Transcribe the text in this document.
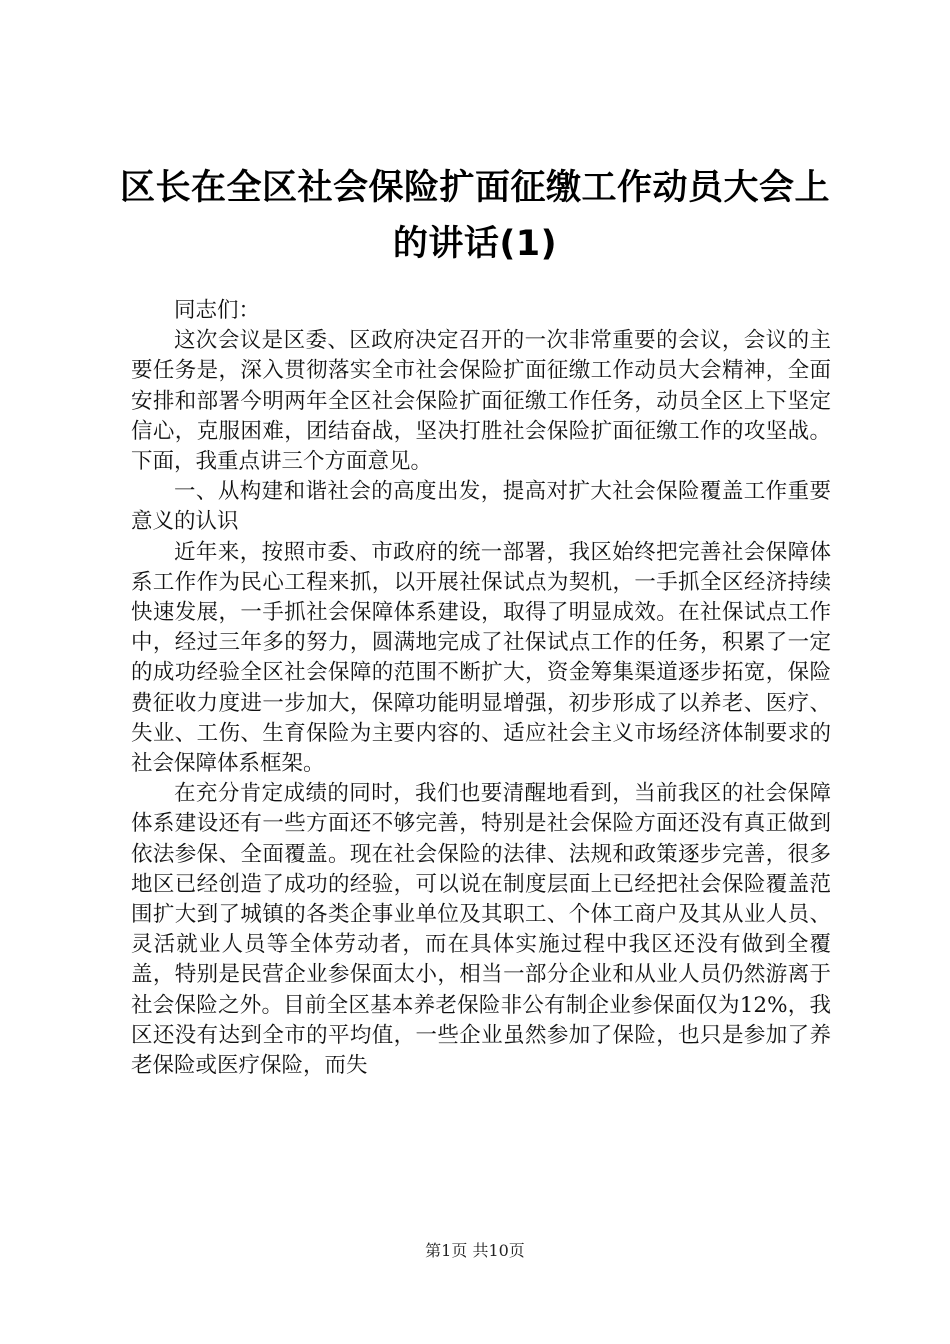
区长在全区社会保险扩面征缴工作动员大会上的讲话(1)

同志们：

这次会议是区委、区政府决定召开的一次非常重要的会议，会议的主要任务是，深入贯彻落实全市社会保险扩面征缴工作动员大会精神，全面安排和部署今明两年全区社会保险扩面征缴工作任务，动员全区上下坚定信心，克服困难，团结奋战，坚决打胜社会保险扩面征缴工作的攻坚战。下面，我重点讲三个方面意见。

一、从构建和谐社会的高度出发，提高对扩大社会保险覆盖工作重要意义的认识

近年来，按照市委、市政府的统一部署，我区始终把完善社会保障体系工作作为民心工程来抓，以开展社保试点为契机，一手抓全区经济持续快速发展，一手抓社会保障体系建设，取得了明显成效。在社保试点工作中，经过三年多的努力，圆满地完成了社保试点工作的任务，积累了一定的成功经验全区社会保障的范围不断扩大，资金筹集渠道逐步拓宽，保险费征收力度进一步加大，保障功能明显增强，初步形成了以养老、医疗、失业、工伤、生育保险为主要内容的、适应社会主义市场经济体制要求的社会保障体系框架。

在充分肯定成绩的同时，我们也要清醒地看到，当前我区的社会保障体系建设还有一些方面还不够完善，特别是社会保险方面还没有真正做到依法参保、全面覆盖。现在社会保险的法律、法规和政策逐步完善，很多地区已经创造了成功的经验，可以说在制度层面上已经把社会保险覆盖范围扩大到了城镇的各类企事业单位及其职工、个体工商户及其从业人员、灵活就业人员等全体劳动者，而在具体实施过程中我区还没有做到全覆盖，特别是民营企业参保面太小，相当一部分企业和从业人员仍然游离于社会保险之外。目前全区基本养老保险非公有制企业参保面仅为12%，我区还没有达到全市的平均值，一些企业虽然参加了保险，也只是参加了养老保险或医疗保险，而失

第1页 共10页
